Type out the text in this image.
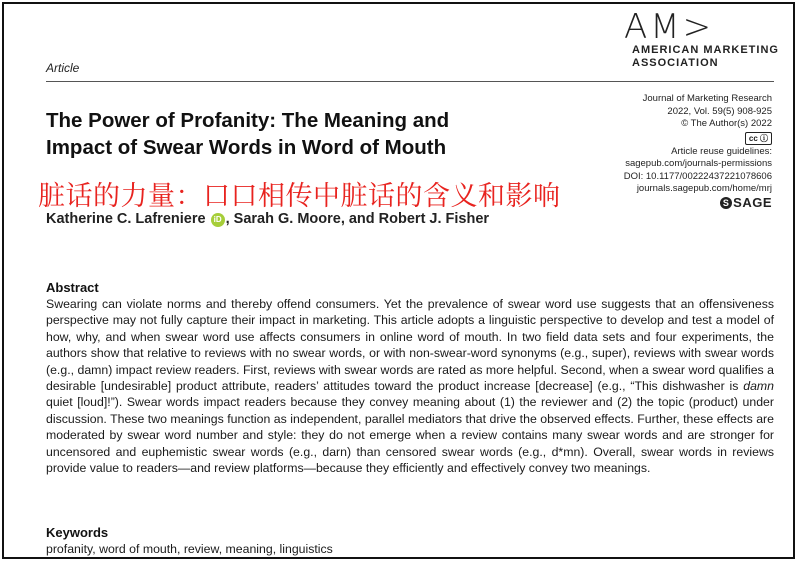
AM>
AMERICAN MARKETING
ASSOCIATION
Article
Journal of Marketing Research
2022, Vol. 59(5) 908-925
© The Author(s) 2022
cc ⓘ
Article reuse guidelines:
sagepub.com/journals-permissions
DOI: 10.1177/00222437221078606
journals.sagepub.com/home/mrj
S SAGE
The Power of Profanity: The Meaning and
Impact of Swear Words in Word of Mouth
脏话的力量：口口相传中脏话的含义和影响
Katherine C. Lafreniere iD , Sarah G. Moore, and Robert J. Fisher
Abstract
Swearing can violate norms and thereby offend consumers. Yet the prevalence of swear word use suggests that an offensiveness perspective may not fully capture their impact in marketing. This article adopts a linguistic perspective to develop and test a model of how, why, and when swear word use affects consumers in online word of mouth. In two field data sets and four experiments, the authors show that relative to reviews with no swear words, or with non-swear-word synonyms (e.g., super), reviews with swear words (e.g., damn) impact review readers. First, reviews with swear words are rated as more helpful. Second, when a swear word qualifies a desirable [undesirable] product attribute, readers’ attitudes toward the product increase [decrease] (e.g., “This dishwasher is damn quiet [loud]!”). Swear words impact readers because they convey meaning about (1) the reviewer and (2) the topic (product) under discussion. These two meanings function as independent, parallel mediators that drive the observed effects. Further, these effects are moderated by swear word number and style: they do not emerge when a review contains many swear words and are stronger for uncensored and euphemistic swear words (e.g., darn) than censored swear words (e.g., d*mn). Overall, swear words in reviews provide value to readers—and review platforms—because they efficiently and effectively convey two meanings.
Keywords
profanity, word of mouth, review, meaning, linguistics
